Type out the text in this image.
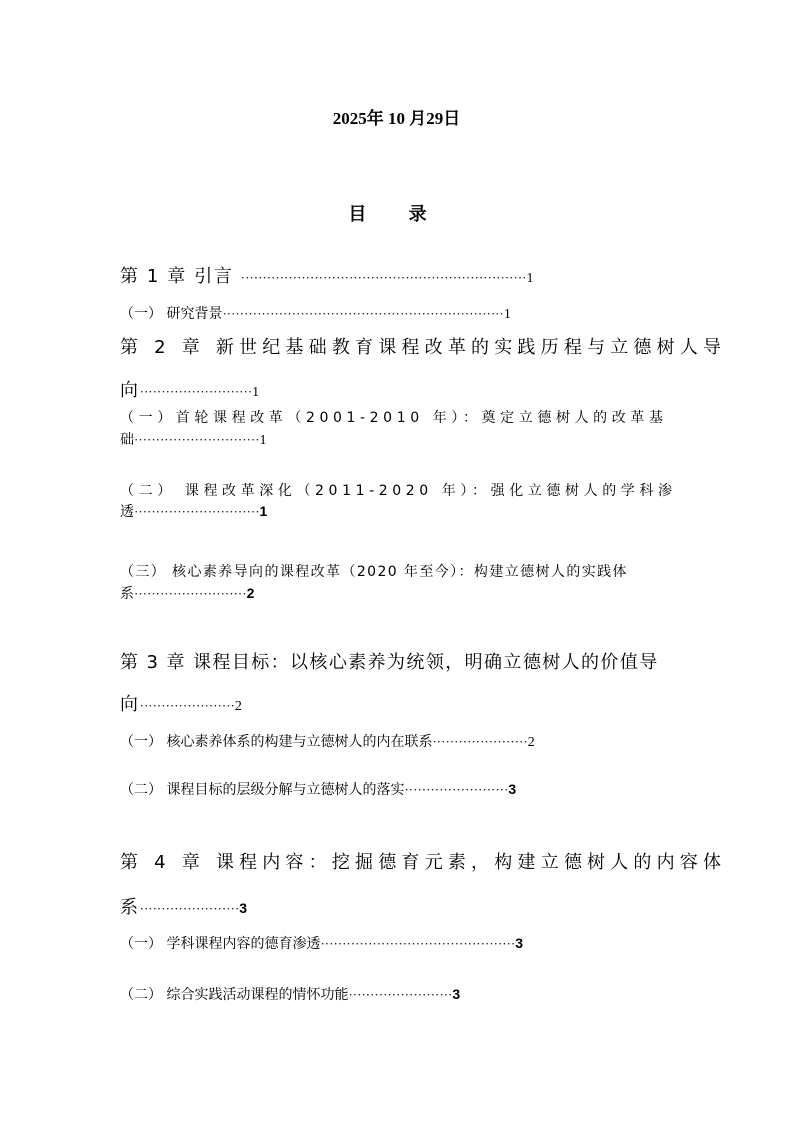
2025年 10 月29日
目 录
第 1 章 引言 ··································································1
（一） 研究背景·································································1
第 2 章 新世纪基础教育课程改革的实践历程与立德树人导
向··························1
（一）首轮课程改革（2001-2010 年）：奠定立德树人的改革基
础·····························1
（二） 课程改革深化（2011-2020 年）：强化立德树人的学科渗
透·····························1
（三） 核心素养导向的课程改革（2020 年至今）：构建立德树人的实践体
系··························2
第 3 章 课程目标：以核心素养为统领，明确立德树人的价值导
向······················2
（一） 核心素养体系的构建与立德树人的内在联系······················2
（二） 课程目标的层级分解与立德树人的落实························3
第 4 章 课程内容：挖掘德育元素，构建立德树人的内容体
系·······················3
（一） 学科课程内容的德育渗透·············································3
（二） 综合实践活动课程的情怀功能························3
